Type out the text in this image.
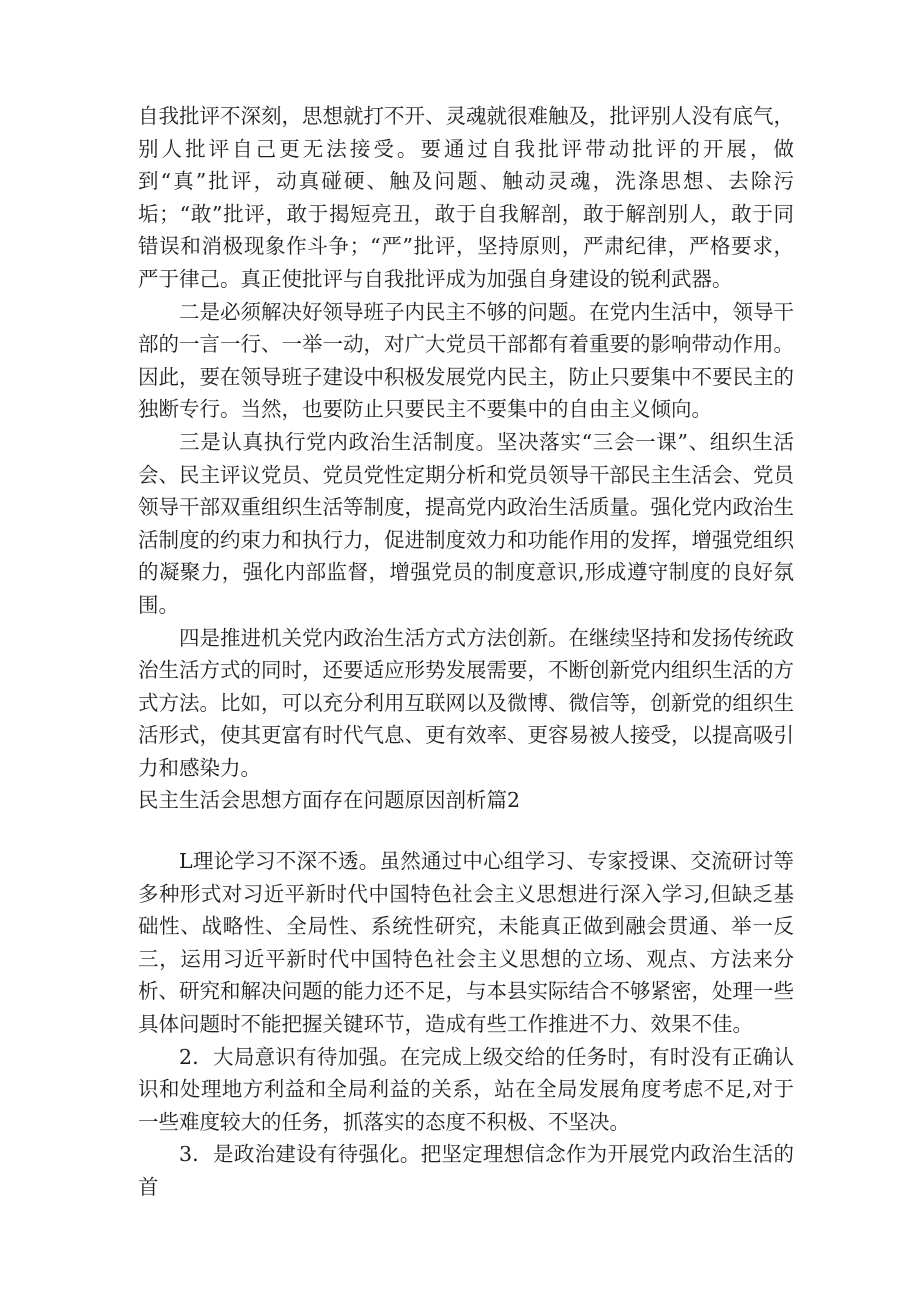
自我批评不深刻，思想就打不开、灵魂就很难触及，批评别人没有底气，别人批评自己更无法接受。要通过自我批评带动批评的开展，做到“真”批评，动真碰硬、触及问题、触动灵魂，洗涤思想、去除污垢；“敢”批评，敢于揭短亮丑，敢于自我解剖，敢于解剖别人，敢于同错误和消极现象作斗争；“严”批评，坚持原则，严肃纪律，严格要求，严于律己。真正使批评与自我批评成为加强自身建设的锐利武器。

二是必须解决好领导班子内民主不够的问题。在党内生活中，领导干部的一言一行、一举一动，对广大党员干部都有着重要的影响带动作用。因此，要在领导班子建设中积极发展党内民主，防止只要集中不要民主的独断专行。当然，也要防止只要民主不要集中的自由主义倾向。

三是认真执行党内政治生活制度。坚决落实“三会一课”、组织生活会、民主评议党员、党员党性定期分析和党员领导干部民主生活会、党员领导干部双重组织生活等制度，提高党内政治生活质量。强化党内政治生活制度的约束力和执行力，促进制度效力和功能作用的发挥，增强党组织的凝聚力，强化内部监督，增强党员的制度意识,形成遵守制度的良好氛围。

四是推进机关党内政治生活方式方法创新。在继续坚持和发扬传统政治生活方式的同时，还要适应形势发展需要，不断创新党内组织生活的方式方法。比如，可以充分利用互联网以及微博、微信等，创新党的组织生活形式，使其更富有时代气息、更有效率、更容易被人接受，以提高吸引力和感染力。

民主生活会思想方面存在问题原因剖析篇2

L理论学习不深不透。虽然通过中心组学习、专家授课、交流研讨等多种形式对习近平新时代中国特色社会主义思想进行深入学习,但缺乏基础性、战略性、全局性、系统性研究，未能真正做到融会贯通、举一反三，运用习近平新时代中国特色社会主义思想的立场、观点、方法来分析、研究和解决问题的能力还不足，与本县实际结合不够紧密，处理一些具体问题时不能把握关键环节，造成有些工作推进不力、效果不佳。

2．大局意识有待加强。在完成上级交给的任务时，有时没有正确认识和处理地方利益和全局利益的关系，站在全局发展角度考虑不足,对于一些难度较大的任务，抓落实的态度不积极、不坚决。

3．是政治建设有待强化。把坚定理想信念作为开展党内政治生活的首
